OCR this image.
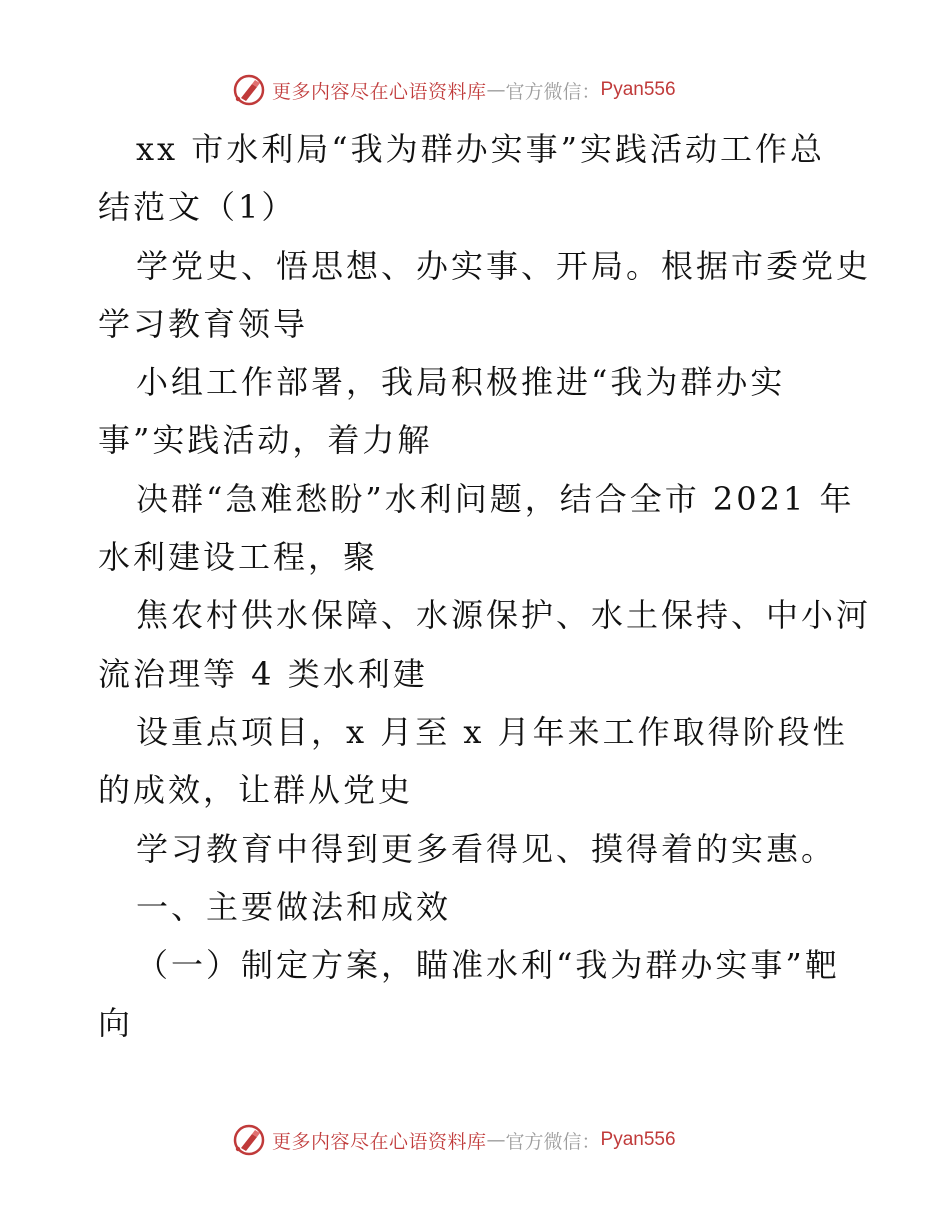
更多内容尽在心语资料库 — 官方微信： Pyan556
xx 市水利局“我为群办实事”实践活动工作总
结范文（1）
学党史、悟思想、办实事、开局。根据市委党史
学习教育领导
小组工作部署，我局积极推进“我为群办实
事”实践活动，着力解
决群“急难愁盼”水利问题，结合全市 2021 年
水利建设工程，聚
焦农村供水保障、水源保护、水土保持、中小河
流治理等 4 类水利建
设重点项目，x 月至 x 月年来工作取得阶段性
的成效，让群从党史
学习教育中得到更多看得见、摸得着的实惠。
一、主要做法和成效
（一）制定方案，瞄准水利“我为群办实事”靶
向
更多内容尽在心语资料库 — 官方微信： Pyan556
